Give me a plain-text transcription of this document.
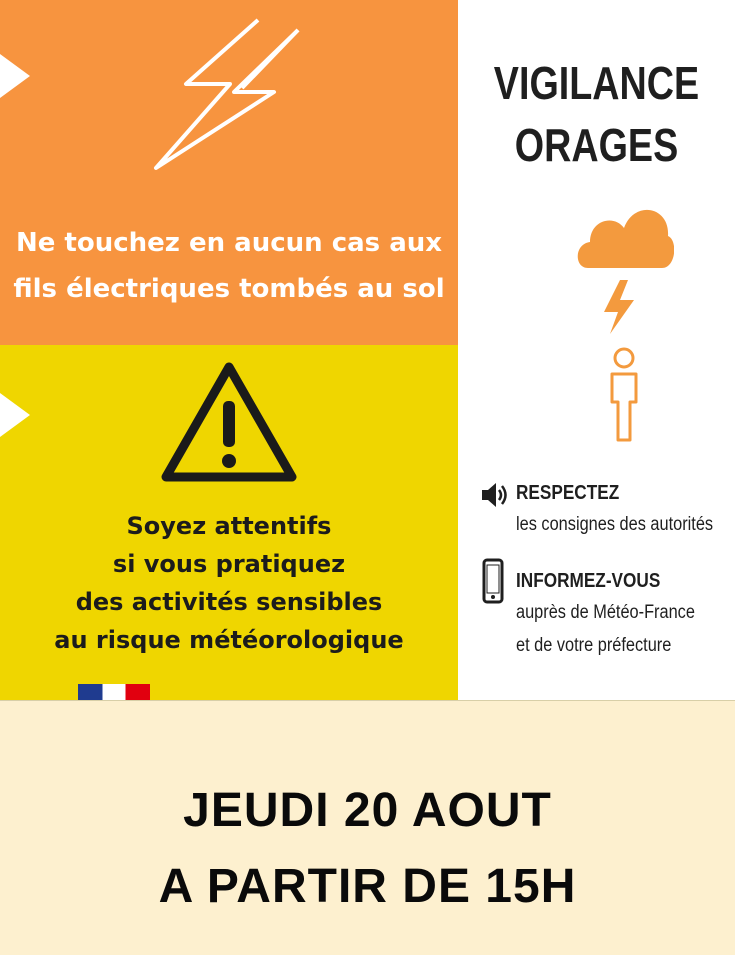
Ne touchez en aucun cas aux
fils électriques tombés au sol
Soyez attentifs
si vous pratiquez
des activités sensibles
au risque météorologique
VIGILANCE
ORAGES
RESPECTEZ
les consignes des autorités
INFORMEZ-VOUS
auprès de Météo-France
et de votre préfecture
JEUDI 20 AOUT
A PARTIR DE 15H
